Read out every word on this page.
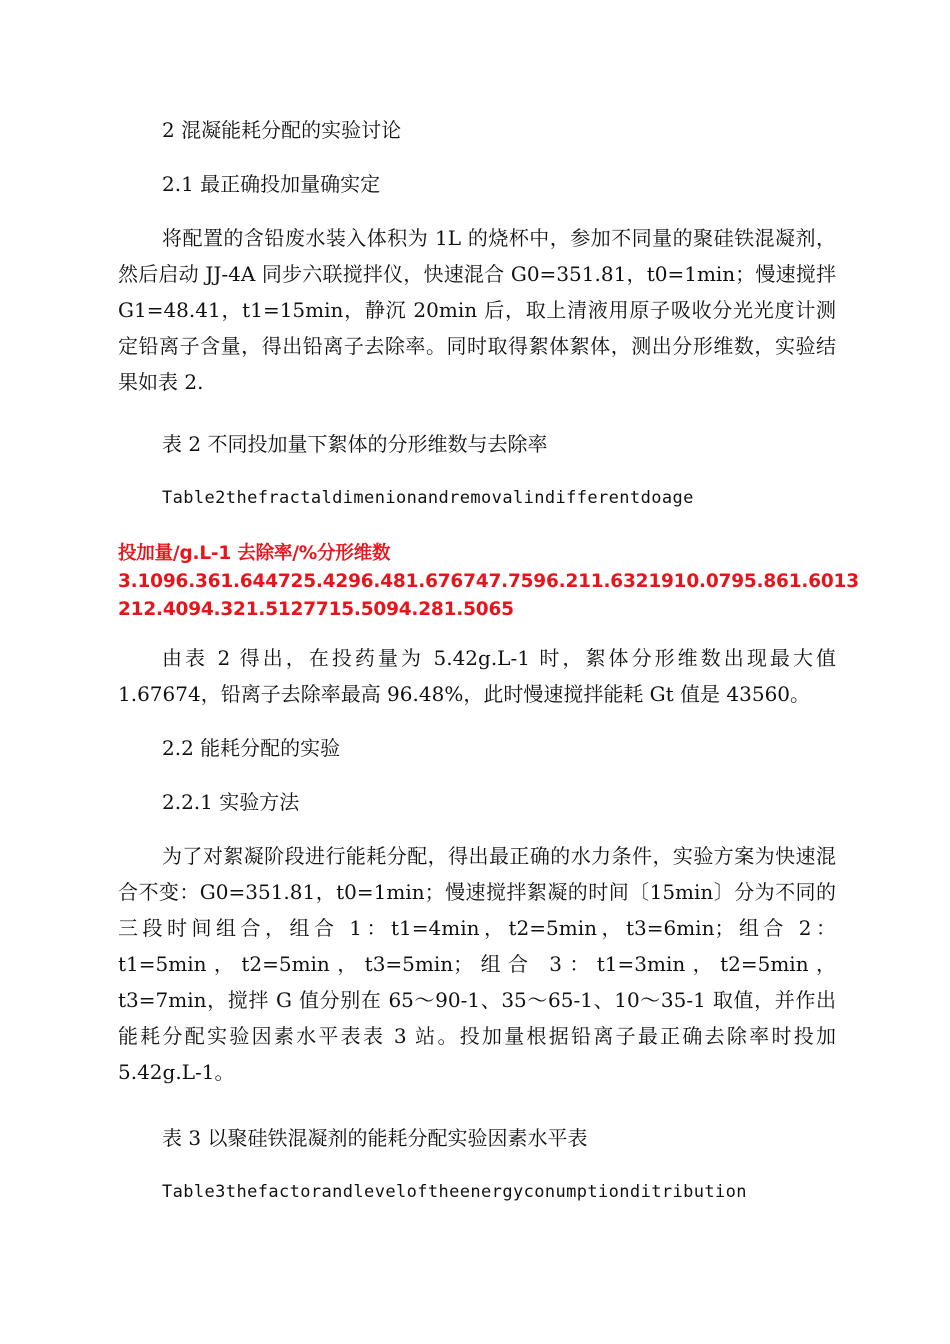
2 混凝能耗分配的实验讨论

2.1 最正确投加量确实定

将配置的含铅废水装入体积为 1L 的烧杯中，参加不同量的聚硅铁混凝剂，然后启动 JJ-4A 同步六联搅拌仪，快速混合 G0=351.81，t0=1min；慢速搅拌 G1=48.41，t1=15min，静沉 20min 后，取上清液用原子吸收分光光度计测定铅离子含量，得出铅离子去除率。同时取得絮体絮体，测出分形维数，实验结果如表 2.

表 2 不同投加量下絮体的分形维数与去除率

Table2thefractaldimenionandremovalindifferentdoage

投加量/g.L-1 去除率/%分形维数
3.1096.361.644725.4296.481.676747.7596.211.6321910.0795.861.6013
212.4094.321.5127715.5094.281.5065

由表 2 得出，在投药量为 5.42g.L-1 时，絮体分形维数出现最大值 1.67674，铅离子去除率最高 96.48%，此时慢速搅拌能耗 Gt 值是 43560。

2.2 能耗分配的实验

2.2.1 实验方法

为了对絮凝阶段进行能耗分配，得出最正确的水力条件，实验方案为快速混合不变：G0=351.81，t0=1min；慢速搅拌絮凝的时间〔15min〕分为不同的三段时间组合，组合 1：t1=4min，t2=5min，t3=6min；组合 2：t1=5min，t2=5min，t3=5min；组合 3：t1=3min，t2=5min，t3=7min，搅拌 G 值分别在 65～90-1、35～65-1、10～35-1 取值，并作出能耗分配实验因素水平表表 3 站。投加量根据铅离子最正确去除率时投加 5.42g.L-1。

表 3 以聚硅铁混凝剂的能耗分配实验因素水平表

Table3thefactorandleveloftheenergyconumptionditribution
